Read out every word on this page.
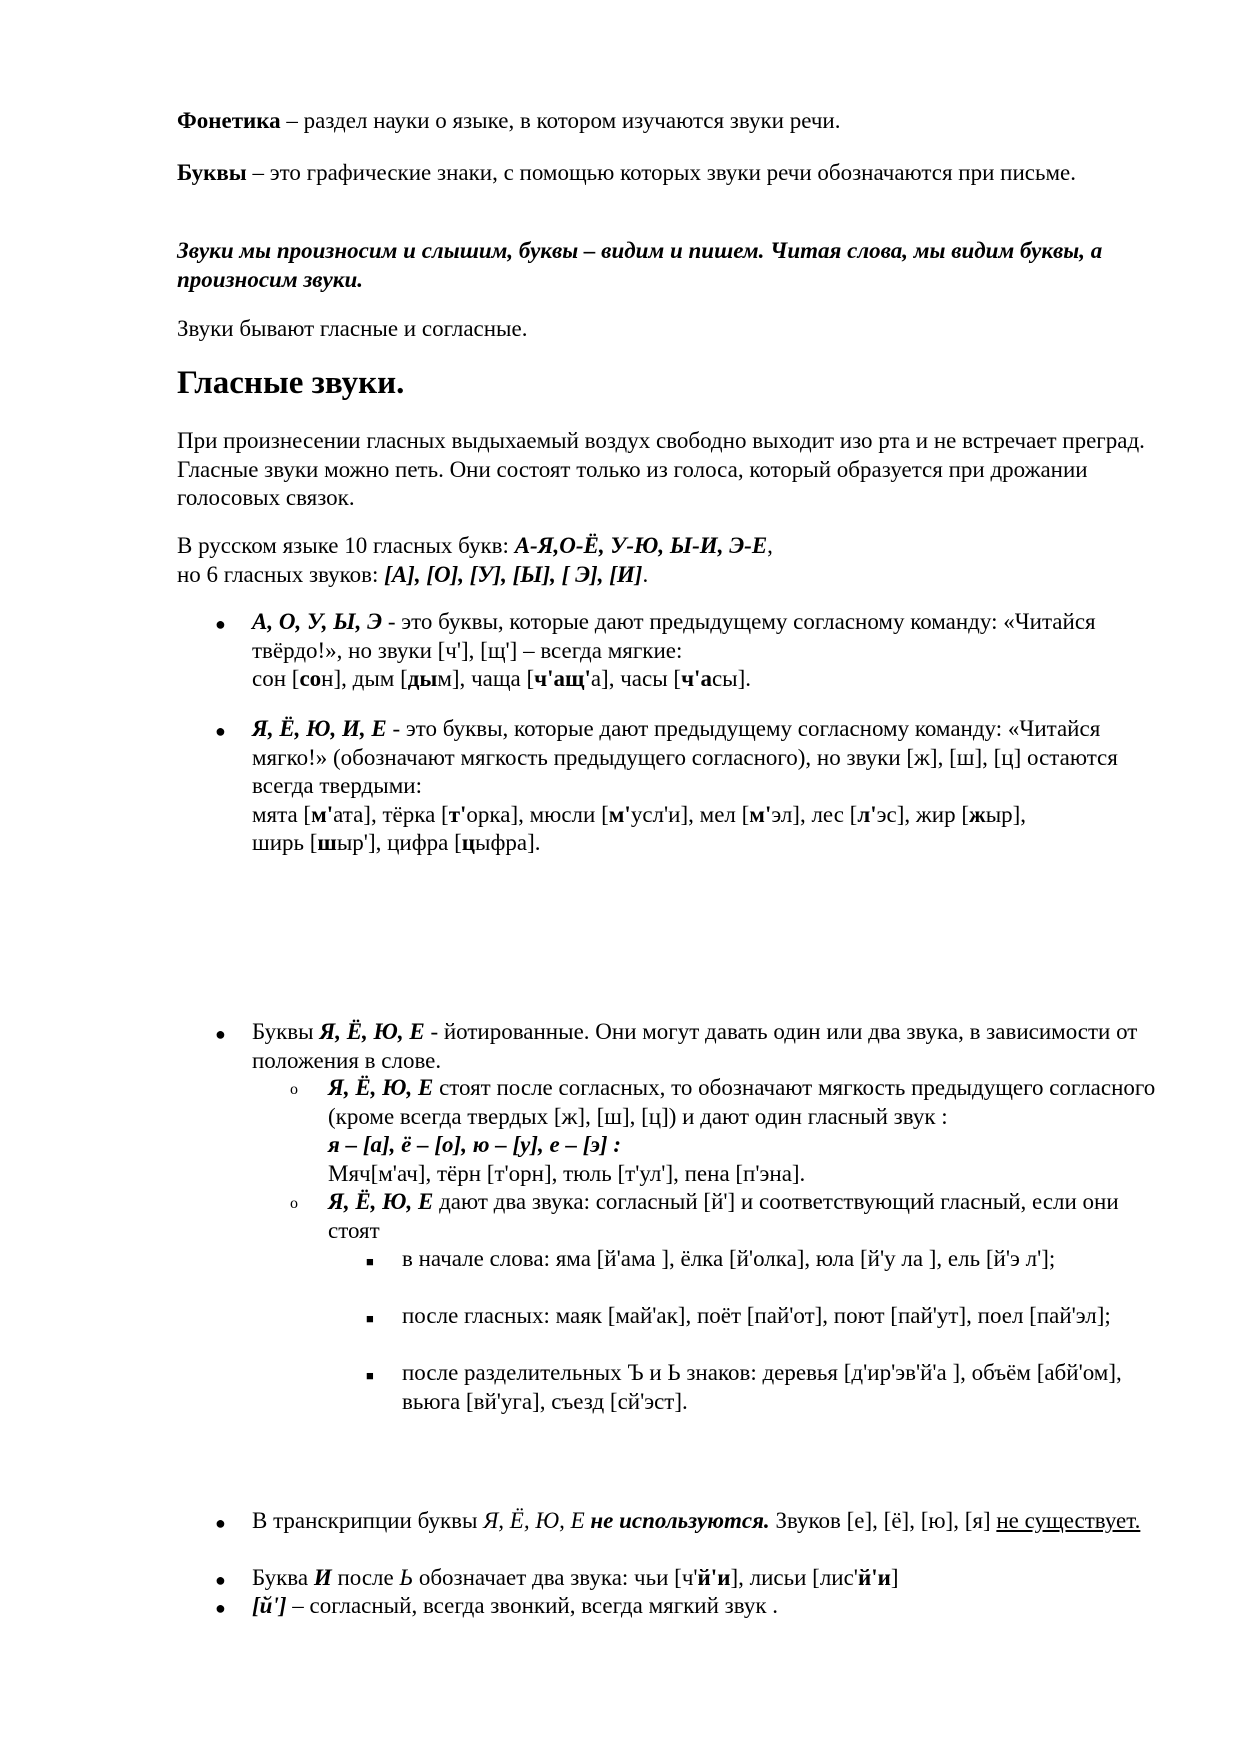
Фонетика – раздел науки о языке, в котором изучаются звуки речи.

Буквы – это графические знаки, с помощью которых звуки речи обозначаются при письме.

Звуки мы произносим и слышим, буквы – видим и пишем. Читая слова, мы видим буквы, а произносим звуки.

Звуки бывают гласные и согласные.

Гласные звуки.

При произнесении гласных выдыхаемый воздух свободно выходит изо рта и не встречает преград. Гласные звуки можно петь. Они состоят только из голоса, который образуется при дрожании голосовых связок.

В русском языке 10 гласных букв: А-Я,О-Ё, У-Ю, Ы-И, Э-Е,
но 6 гласных звуков: [А], [О], [У], [Ы], [ Э], [И].

● А, О, У, Ы, Э - это буквы, которые дают предыдущему согласному команду: «Читайся твёрдо!», но звуки [ч'], [щ'] – всегда мягкие:
сон [сон], дым [дым], чаща [ч'ащ'а], часы [ч'асы].

● Я, Ё, Ю, И, Е - это буквы, которые дают предыдущему согласному команду: «Читайся мягко!» (обозначают мягкость предыдущего согласного), но звуки [ж], [ш], [ц] остаются всегда твердыми:
мята [м'ата], тёрка [т'орка], мюсли [м'усл'и], мел [м'эл], лес [л'эс], жир [жыр],
ширь [шыр'], цифра [цыфра].

● Буквы Я, Ё, Ю, Е - йотированные. Они могут давать один или два звука, в зависимости от положения в слове.

o Я, Ё, Ю, Е стоят после согласных, то обозначают мягкость предыдущего согласного (кроме всегда твердых [ж], [ш], [ц]) и дают один гласный звук :
я – [а], ё – [о], ю – [у], е – [э] :
Мяч[м'ач], тёрн [т'орн], тюль [т'ул'], пена [п'эна].

o Я, Ё, Ю, Е дают два звука: согласный [й'] и соответствующий гласный, если они стоят

■ в начале слова: яма [й'ама ], ёлка [й'олка], юла [й'у ла ], ель [й'э л'];

■ после гласных: маяк [май'ак], поёт [пай'от], поют [пай'ут], поел [пай'эл];

■ после разделительных Ъ и Ь знаков: деревья [д'ир'эв'й'а ], объём [абй'ом], вьюга [вй'уга], съезд [сй'эст].

● В транскрипции буквы Я, Ё, Ю, Е не используются. Звуков [е], [ё], [ю], [я] не существует.

● Буква И после Ь обозначает два звука: чьи [ч'й'и], лисьи [лис'й'и]

● [й'] – согласный, всегда звонкий, всегда мягкий звук .
